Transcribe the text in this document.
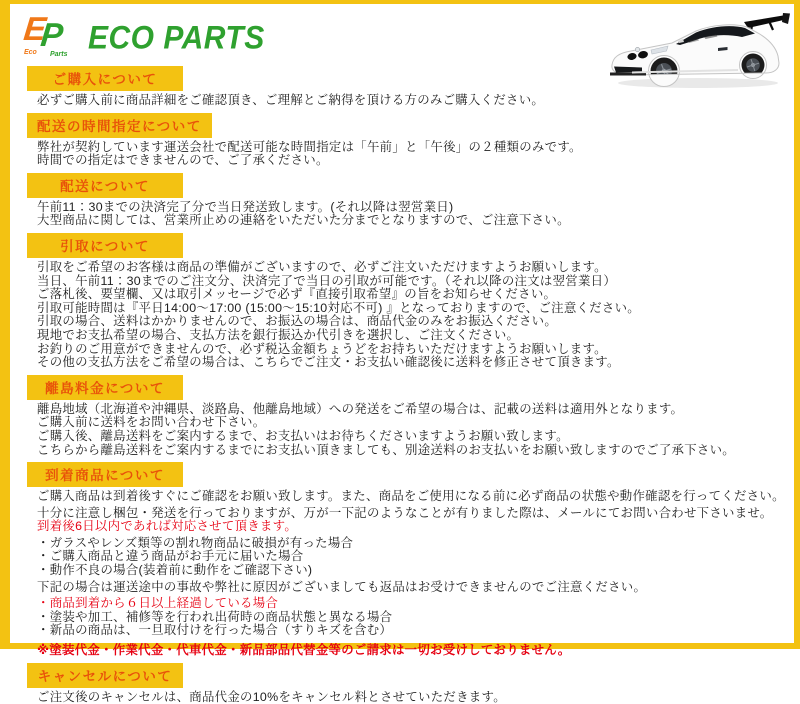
E
P
Eco Parts ECO PARTS
ご購入について
必ずご購入前に商品詳細をご確認頂き、ご理解とご納得を頂ける方のみご購入ください。
配送の時間指定について
弊社が契約しています運送会社で配送可能な時間指定は「午前」と「午後」の２種類のみです。
時間での指定はできませんので、ご了承ください。
配送について
午前11：30までの決済完了分で当日発送致します。(それ以降は翌営業日)
大型商品に関しては、営業所止めの連絡をいただいた分までとなりますので、ご注意下さい。
引取について
引取をご希望のお客様は商品の準備がございますので、必ずご注文いただけますようお願いします。
当日、午前11：30までのご注文分、決済完了で当日の引取が可能です。（それ以降の注文は翌営業日）
ご落札後、要望欄、又は取引メッセージで必ず『直接引取希望』の旨をお知らせください。
引取可能時間は『平日14:00～17:00 (15:00～15:10対応不可) 』となっておりますので、ご注意ください。
引取の場合、送料はかかりませんので、お振込の場合は、商品代金のみをお振込ください。
現地でお支払希望の場合、支払方法を銀行振込か代引きを選択し、ご注文ください。
お釣りのご用意ができませんので、必ず税込金額ちょうどをお持ちいただけますようお願いします。
その他の支払方法をご希望の場合は、こちらでご注文・お支払い確認後に送料を修正させて頂きます。
離島料金について
離島地域（北海道や沖縄県、淡路島、他離島地域）への発送をご希望の場合は、記載の送料は適用外となります。
ご購入前に送料をお問い合わせ下さい。
ご購入後、離島送料をご案内するまで、お支払いはお待ちくださいますようお願い致します。
こちらから離島送料をご案内するまでにお支払い頂きましても、別途送料のお支払いをお願い致しますのでご了承下さい。
到着商品について
ご購入商品は到着後すぐにご確認をお願い致します。また、商品をご使用になる前に必ず商品の状態や動作確認を行ってください。
十分に注意し梱包・発送を行っておりますが、万が一下記のようなことが有りました際は、メールにてお問い合わせ下さいませ。
到着後6日以内であれば対応させて頂きます。
・ガラスやレンズ類等の割れ物商品に破損が有った場合
・ご購入商品と違う商品がお手元に届いた場合
・動作不良の場合(装着前に動作をご確認下さい)
下記の場合は運送途中の事故や弊社に原因がございましても返品はお受けできませんのでご注意ください。
・商品到着から６日以上経過している場合
・塗装や加工、補修等を行われ出荷時の商品状態と異なる場合
・新品の商品は、一旦取付けを行った場合（すりキズを含む）
※塗装代金・作業代金・代車代金・新品部品代替金等のご請求は一切お受けしておりません。
キャンセルについて
ご注文後のキャンセルは、商品代金の10%をキャンセル料とさせていただきます。
